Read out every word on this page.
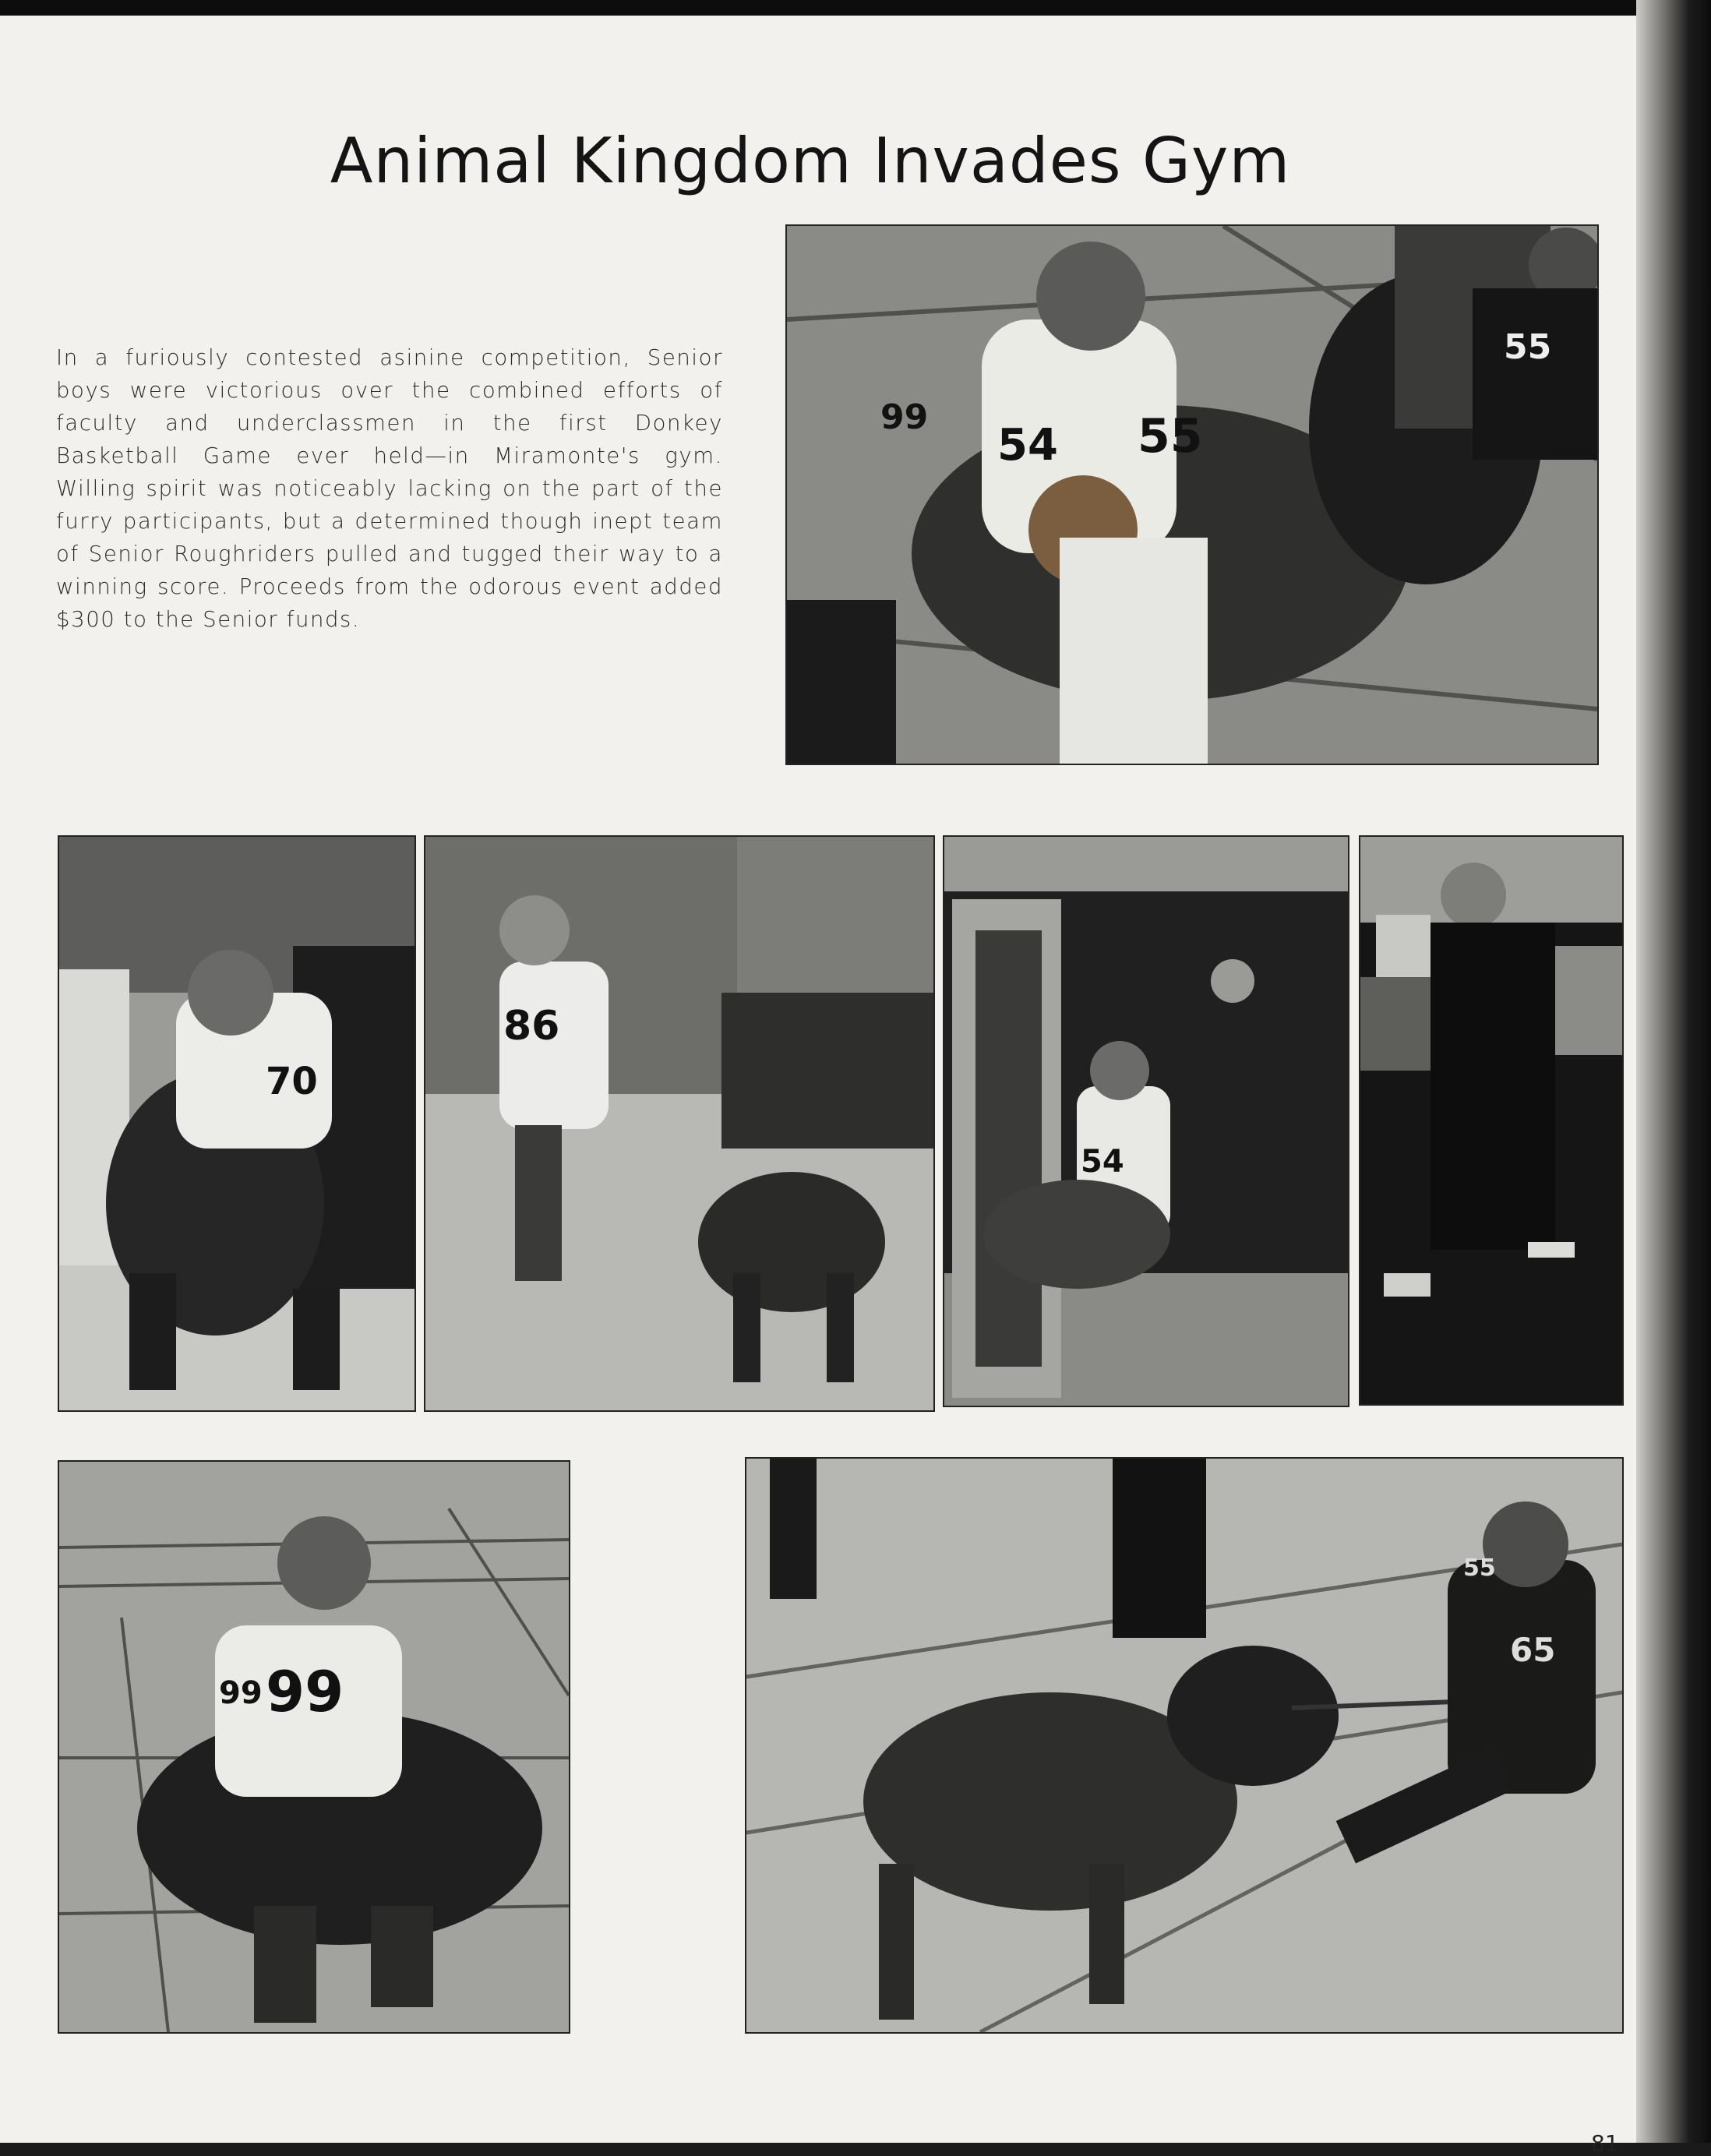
Animal Kingdom Invades Gym
In a furiously contested asinine competition, Senior boys were victorious over the combined efforts of faculty and underclassmen in the first Donkey Basketball Game ever held—in Miramonte's gym. Willing spirit was noticeably lacking on the part of the furry participants, but a determined though inept team of Senior Roughriders pulled and tugged their way to a winning score. Proceeds from the odorous event added $300 to the Senior funds.
54
99	55
55
70
86
54
99 99
65
55
81
